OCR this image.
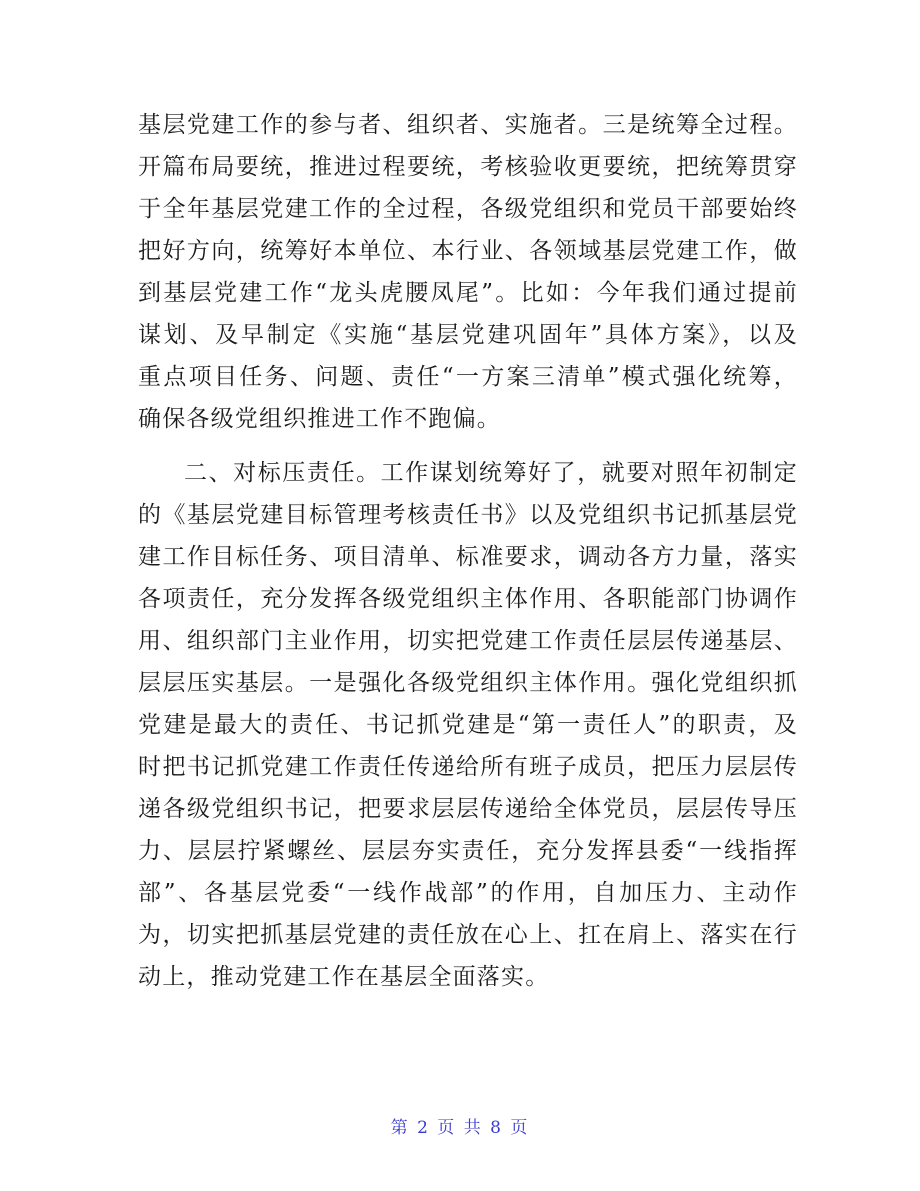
基层党建工作的参与者、组织者、实施者。三是统筹全过程。
开篇布局要统，推进过程要统，考核验收更要统，把统筹贯穿
于全年基层党建工作的全过程，各级党组织和党员干部要始终
把好方向，统筹好本单位、本行业、各领域基层党建工作，做
到基层党建工作“龙头虎腰凤尾”。比如：今年我们通过提前
谋划、及早制定《实施“基层党建巩固年”具体方案》，以及
重点项目任务、问题、责任“一方案三清单”模式强化统筹，
确保各级党组织推进工作不跑偏。
二、对标压责任。工作谋划统筹好了，就要对照年初制定
的《基层党建目标管理考核责任书》以及党组织书记抓基层党
建工作目标任务、项目清单、标准要求，调动各方力量，落实
各项责任，充分发挥各级党组织主体作用、各职能部门协调作
用、组织部门主业作用，切实把党建工作责任层层传递基层、
层层压实基层。一是强化各级党组织主体作用。强化党组织抓
党建是最大的责任、书记抓党建是“第一责任人”的职责，及
时把书记抓党建工作责任传递给所有班子成员，把压力层层传
递各级党组织书记，把要求层层传递给全体党员，层层传导压
力、层层拧紧螺丝、层层夯实责任，充分发挥县委“一线指挥
部”、各基层党委“一线作战部”的作用，自加压力、主动作
为，切实把抓基层党建的责任放在心上、扛在肩上、落实在行
动上，推动党建工作在基层全面落实。
第 2 页 共 8 页
